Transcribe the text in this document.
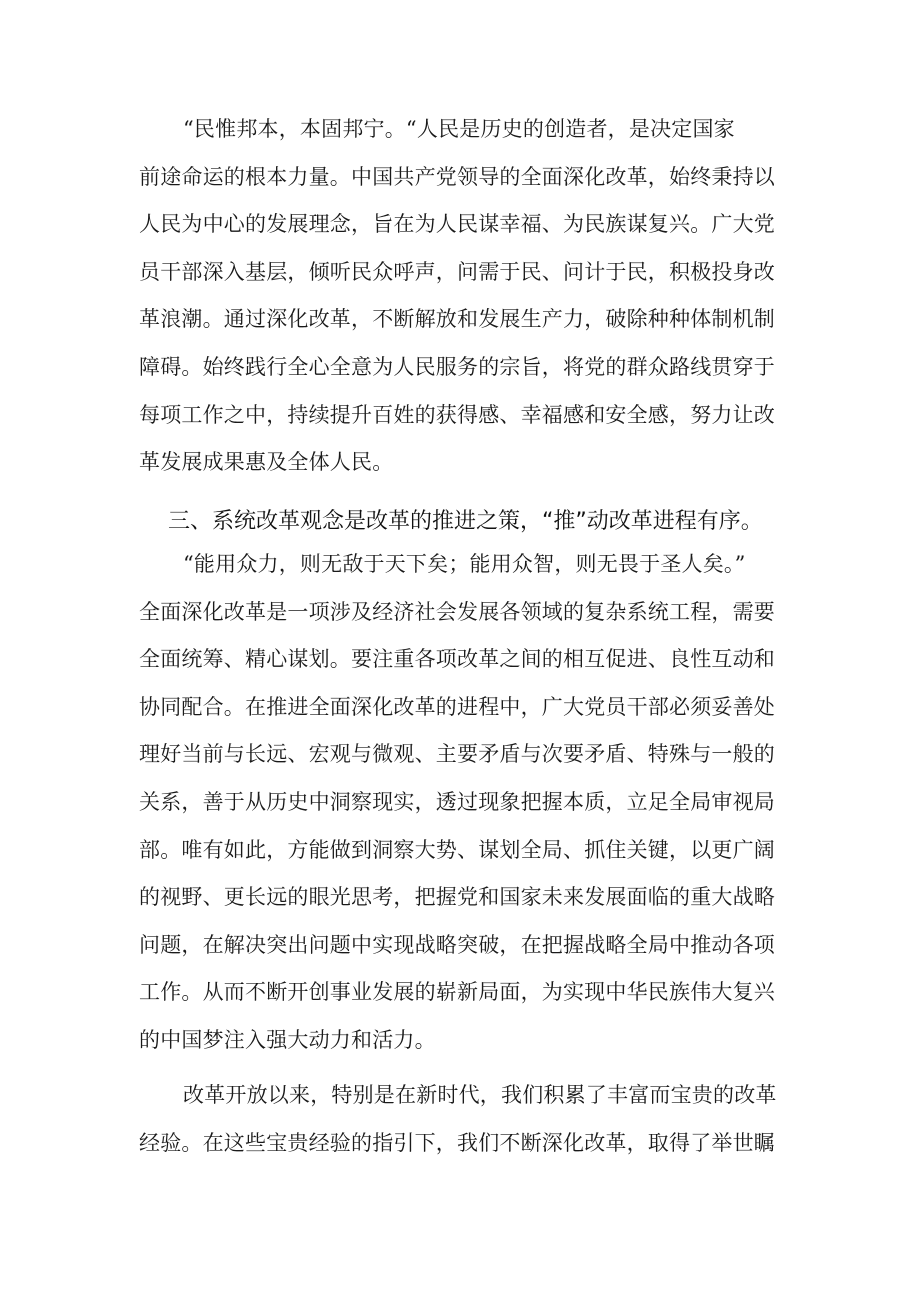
“民惟邦本，本固邦宁。“人民是历史的创造者，是决定国家
前途命运的根本力量。中国共产党领导的全面深化改革，始终秉持以
人民为中心的发展理念，旨在为人民谋幸福、为民族谋复兴。广大党
员干部深入基层，倾听民众呼声，问需于民、问计于民，积极投身改
革浪潮。通过深化改革，不断解放和发展生产力，破除种种体制机制
障碍。始终践行全心全意为人民服务的宗旨，将党的群众路线贯穿于
每项工作之中，持续提升百姓的获得感、幸福感和安全感，努力让改
革发展成果惠及全体人民。
三、系统改革观念是改革的推进之策，“推”动改革进程有序。
“能用众力，则无敌于天下矣；能用众智，则无畏于圣人矣。”
全面深化改革是一项涉及经济社会发展各领域的复杂系统工程，需要
全面统筹、精心谋划。要注重各项改革之间的相互促进、良性互动和
协同配合。在推进全面深化改革的进程中，广大党员干部必须妥善处
理好当前与长远、宏观与微观、主要矛盾与次要矛盾、特殊与一般的
关系，善于从历史中洞察现实，透过现象把握本质，立足全局审视局
部。唯有如此，方能做到洞察大势、谋划全局、抓住关键，以更广阔
的视野、更长远的眼光思考，把握党和国家未来发展面临的重大战略
问题，在解决突出问题中实现战略突破，在把握战略全局中推动各项
工作。从而不断开创事业发展的崭新局面，为实现中华民族伟大复兴
的中国梦注入强大动力和活力。
改革开放以来，特别是在新时代，我们积累了丰富而宝贵的改革
经验。在这些宝贵经验的指引下，我们不断深化改革，取得了举世瞩
